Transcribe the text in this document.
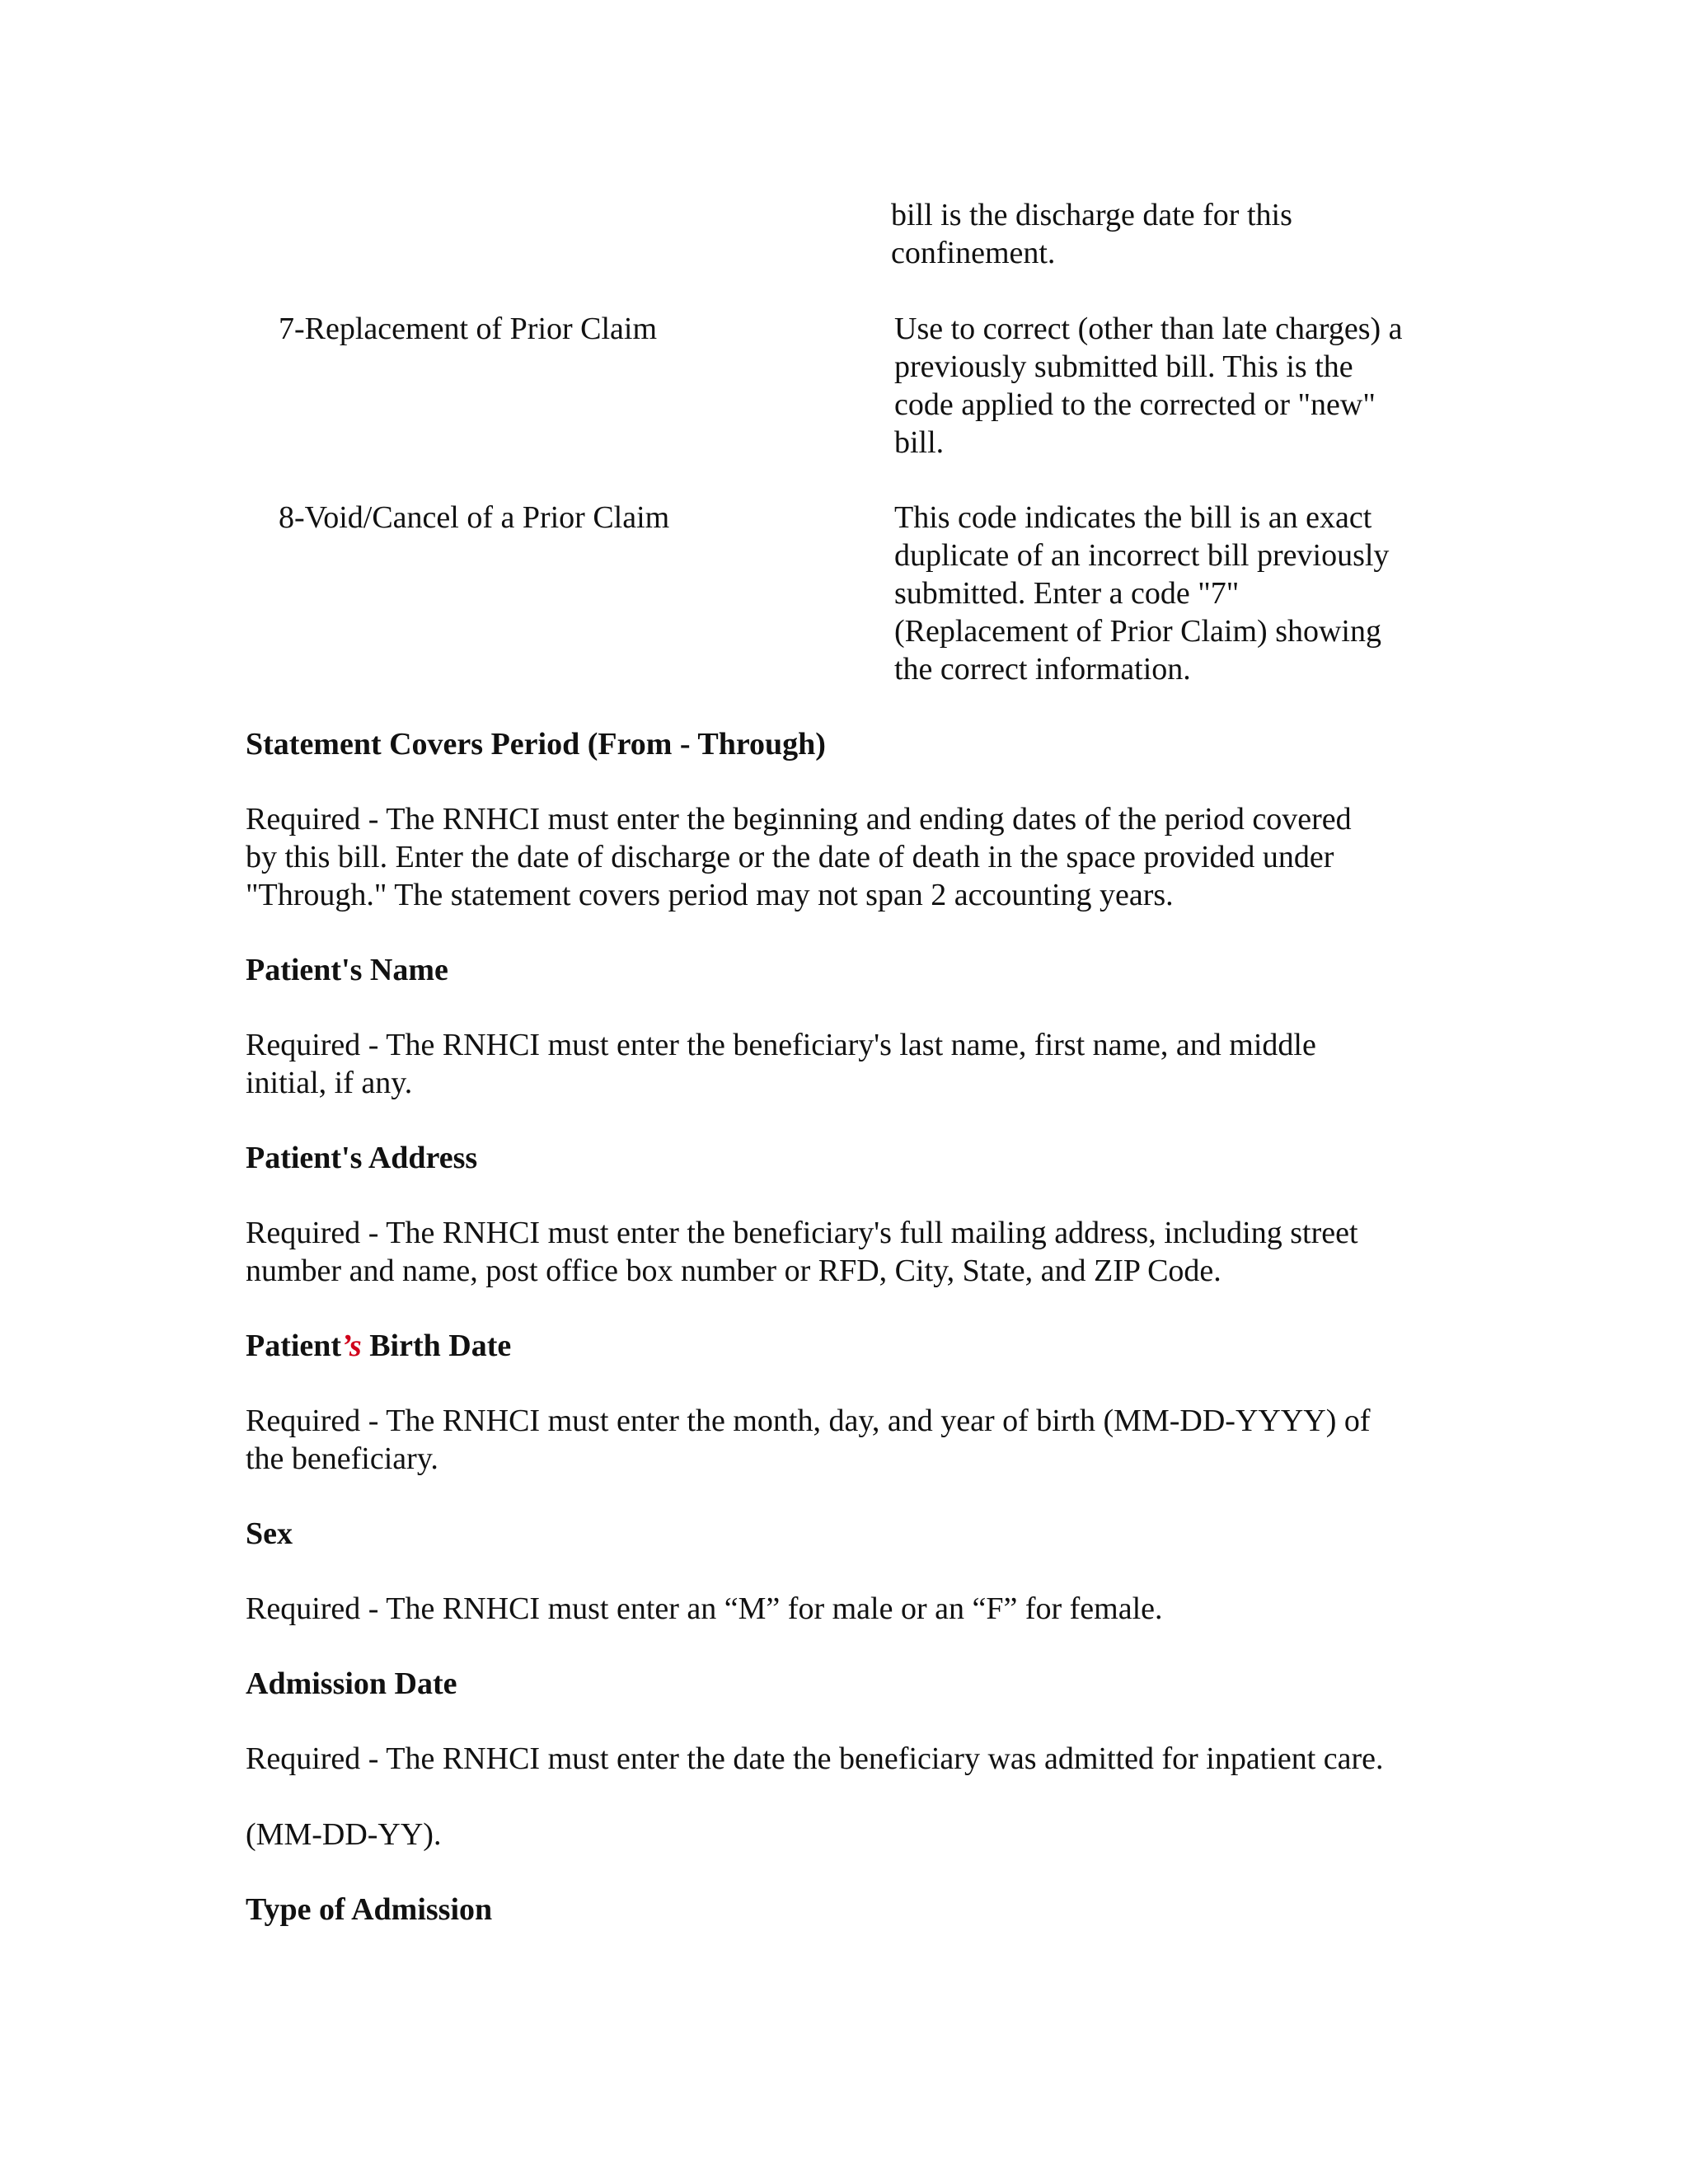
bill is the discharge date for this

confinement.

7-Replacement of Prior Claim	Use to correct (other than late charges) a

previously submitted bill. This is the

code applied to the corrected or "new"

bill.

8-Void/Cancel of a Prior Claim	This code indicates the bill is an exact

duplicate of an incorrect bill previously

submitted. Enter a code "7"

(Replacement of Prior Claim) showing

the correct information.

Statement Covers Period (From - Through)

Required - The RNHCI must enter the beginning and ending dates of the period covered

by this bill. Enter the date of discharge or the date of death in the space provided under

"Through." The statement covers period may not span 2 accounting years.

Patient's Name

Required - The RNHCI must enter the beneficiary's last name, first name, and middle

initial, if any.

Patient's Address

Required - The RNHCI must enter the beneficiary's full mailing address, including street

number and name, post office box number or RFD, City, State, and ZIP Code.

Patient’s Birth Date

Required - The RNHCI must enter the month, day, and year of birth (MM-DD-YYYY) of

the beneficiary.

Sex

Required - The RNHCI must enter an “M” for male or an “F” for female.

Admission Date

Required - The RNHCI must enter the date the beneficiary was admitted for inpatient care.

(MM-DD-YY).

Type of Admission
